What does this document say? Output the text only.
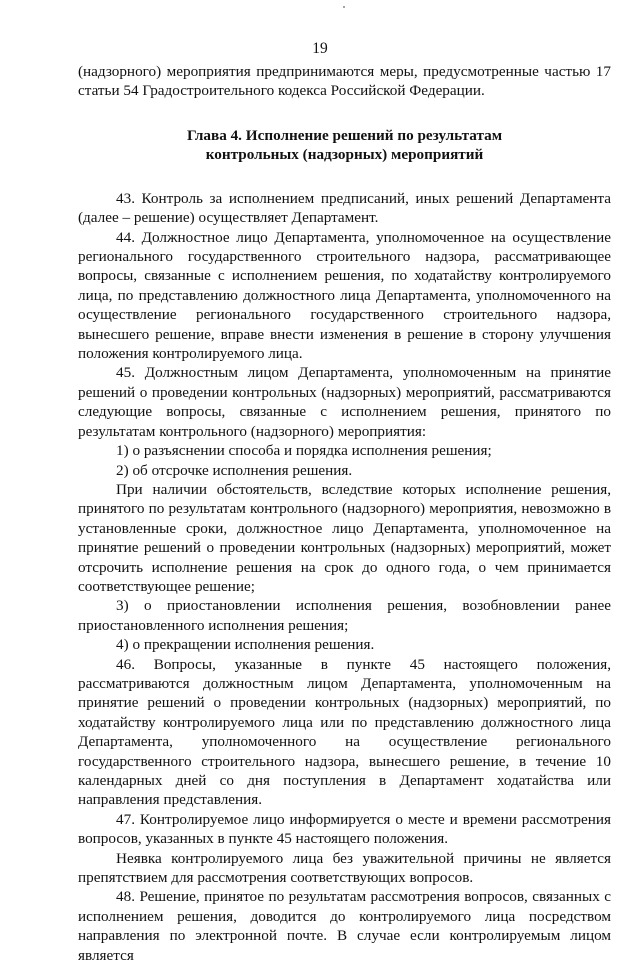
19

(надзорного) мероприятия предпринимаются меры, предусмотренные частью 17 статьи 54 Градостроительного кодекса Российской Федерации.

Глава 4. Исполнение решений по результатам
контрольных (надзорных) мероприятий

43. Контроль за исполнением предписаний, иных решений Департамента (далее – решение) осуществляет Департамент.

44. Должностное лицо Департамента, уполномоченное на осуществление регионального государственного строительного надзора, рассматривающее вопросы, связанные с исполнением решения, по ходатайству контролируемого лица, по представлению должностного лица Департамента, уполномоченного на осуществление регионального государственного строительного надзора, вынесшего решение, вправе внести изменения в решение в сторону улучшения положения контролируемого лица.

45. Должностным лицом Департамента, уполномоченным на принятие решений о проведении контрольных (надзорных) мероприятий, рассматриваются следующие вопросы, связанные с исполнением решения, принятого по результатам контрольного (надзорного) мероприятия:

1) о разъяснении способа и порядка исполнения решения;

2) об отсрочке исполнения решения.

При наличии обстоятельств, вследствие которых исполнение решения, принятого по результатам контрольного (надзорного) мероприятия, невозможно в установленные сроки, должностное лицо Департамента, уполномоченное на принятие решений о проведении контрольных (надзорных) мероприятий, может отсрочить исполнение решения на срок до одного года, о чем принимается соответствующее решение;

3) о приостановлении исполнения решения, возобновлении ранее приостановленного исполнения решения;

4) о прекращении исполнения решения.

46. Вопросы, указанные в пункте 45 настоящего положения, рассматриваются должностным лицом Департамента, уполномоченным на принятие решений о проведении контрольных (надзорных) мероприятий, по ходатайству контролируемого лица или по представлению должностного лица Департамента, уполномоченного на осуществление регионального государственного строительного надзора, вынесшего решение, в течение 10 календарных дней со дня поступления в Департамент ходатайства или направления представления.

47. Контролируемое лицо информируется о месте и времени рассмотрения вопросов, указанных в пункте 45 настоящего положения.

Неявка контролируемого лица без уважительной причины не является препятствием для рассмотрения соответствующих вопросов.

48. Решение, принятое по результатам рассмотрения вопросов, связанных с исполнением решения, доводится до контролируемого лица посредством направления по электронной почте. В случае если контролируемым лицом является
